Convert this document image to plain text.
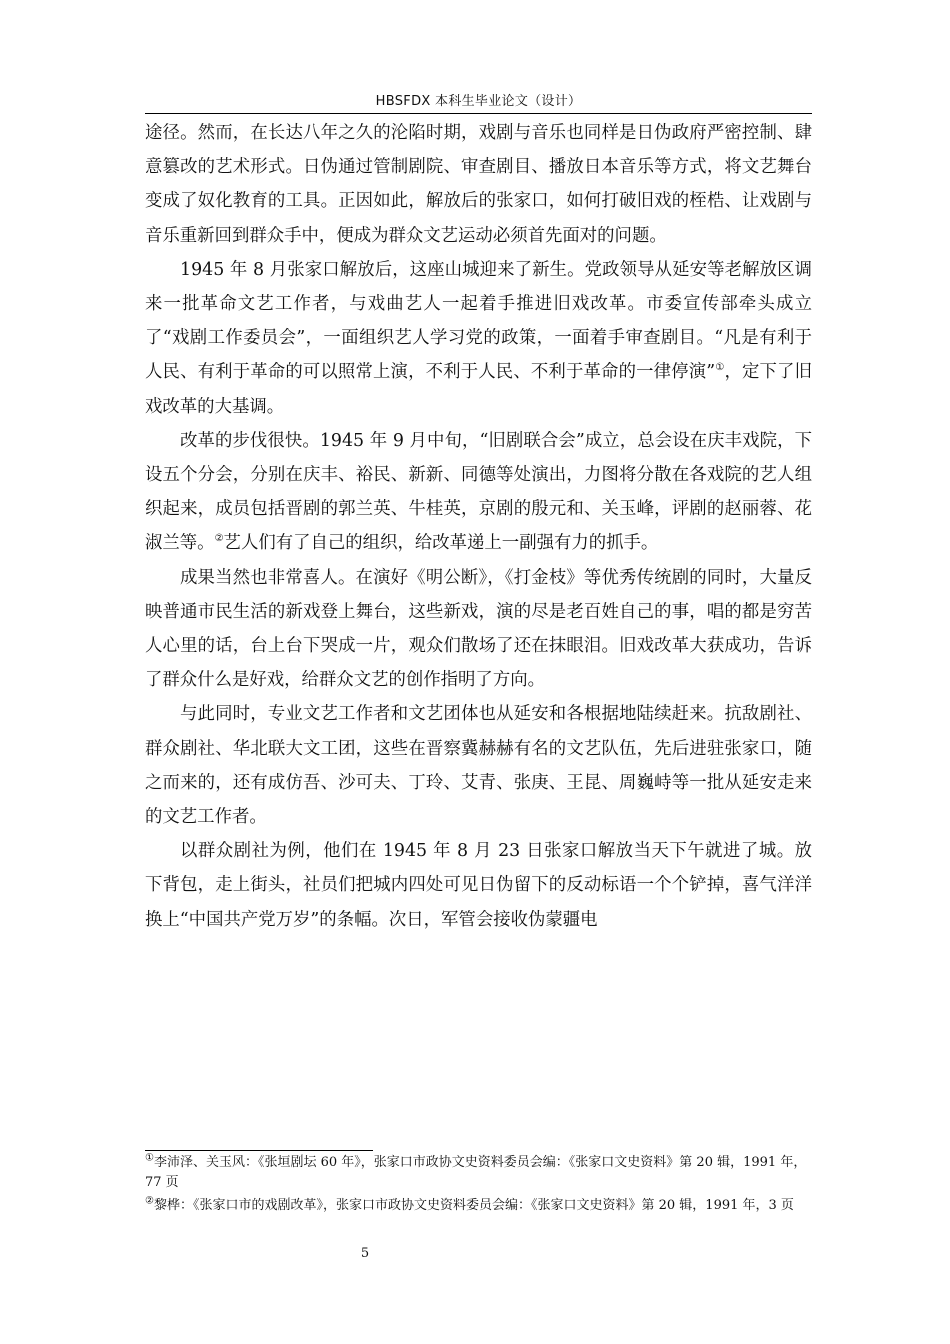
HBSFDX 本科生毕业论文（设计）

途径。然而，在长达八年之久的沦陷时期，戏剧与音乐也同样是日伪政府严密控制、肆意篡改的艺术形式。日伪通过管制剧院、审查剧目、播放日本音乐等方式，将文艺舞台变成了奴化教育的工具。正因如此，解放后的张家口，如何打破旧戏的桎梏、让戏剧与音乐重新回到群众手中，便成为群众文艺运动必须首先面对的问题。

1945 年 8 月张家口解放后，这座山城迎来了新生。党政领导从延安等老解放区调来一批革命文艺工作者，与戏曲艺人一起着手推进旧戏改革。市委宣传部牵头成立了“戏剧工作委员会”，一面组织艺人学习党的政策，一面着手审查剧目。“凡是有利于人民、有利于革命的可以照常上演，不利于人民、不利于革命的一律停演”①，定下了旧戏改革的大基调。

改革的步伐很快。1945 年 9 月中旬，“旧剧联合会”成立，总会设在庆丰戏院，下设五个分会，分别在庆丰、裕民、新新、同德等处演出，力图将分散在各戏院的艺人组织起来，成员包括晋剧的郭兰英、牛桂英，京剧的殷元和、关玉峰，评剧的赵丽蓉、花淑兰等。②艺人们有了自己的组织，给改革递上一副强有力的抓手。

成果当然也非常喜人。在演好《明公断》，《打金枝》等优秀传统剧的同时，大量反映普通市民生活的新戏登上舞台，这些新戏，演的尽是老百姓自己的事，唱的都是穷苦人心里的话，台上台下哭成一片，观众们散场了还在抹眼泪。旧戏改革大获成功，告诉了群众什么是好戏，给群众文艺的创作指明了方向。

与此同时，专业文艺工作者和文艺团体也从延安和各根据地陆续赶来。抗敌剧社、群众剧社、华北联大文工团，这些在晋察冀赫赫有名的文艺队伍，先后进驻张家口，随之而来的，还有成仿吾、沙可夫、丁玲、艾青、张庚、王昆、周巍峙等一批从延安走来的文艺工作者。

以群众剧社为例，他们在 1945 年 8 月 23 日张家口解放当天下午就进了城。放下背包，走上街头，社员们把城内四处可见日伪留下的反动标语一个个铲掉，喜气洋洋换上“中国共产党万岁”的条幅。次日，军管会接收伪蒙疆电

①李沛泽、关玉风：《张垣剧坛 60 年》，张家口市政协文史资料委员会编：《张家口文史资料》第 20 辑，1991 年，77 页

②黎桦：《张家口市的戏剧改革》，张家口市政协文史资料委员会编：《张家口文史资料》第 20 辑，1991 年，3 页

5
